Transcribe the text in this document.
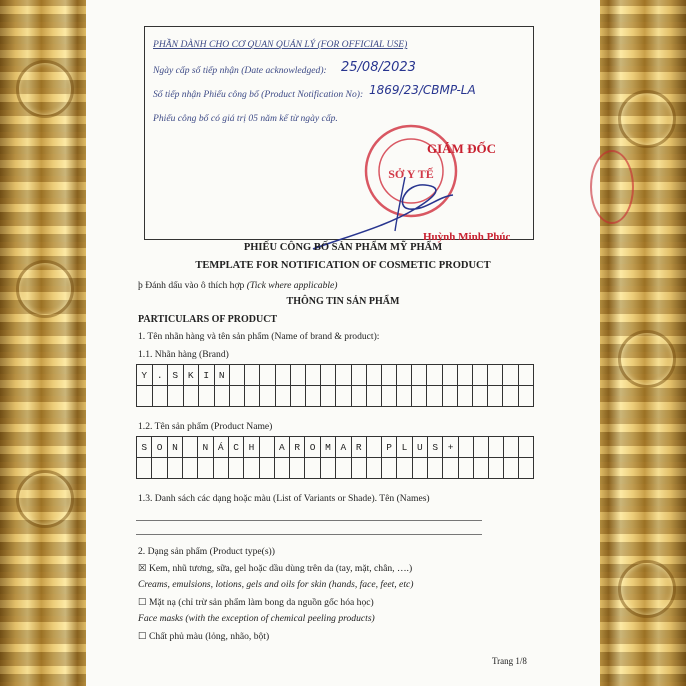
PHẦN DÀNH CHO CƠ QUAN QUẢN LÝ (FOR OFFICIAL USE)
Ngày cấp số tiếp nhận (Date acknowledged): 25/08/2023
Số tiếp nhận Phiếu công bố (Product Notification No): 1869/23/CBMP-LA
Phiếu công bố có giá trị 05 năm kể từ ngày cấp.
SỞ Y TẾ
GIÁM ĐỐC
Huỳnh Minh Phúc
PHIẾU CÔNG BỐ SẢN PHẨM MỸ PHẨM
TEMPLATE FOR NOTIFICATION OF COSMETIC PRODUCT
þ Đánh dấu vào ô thích hợp (Tick where applicable)
THÔNG TIN SẢN PHẨM
PARTICULARS OF PRODUCT
1. Tên nhãn hàng và tên sản phẩm (Name of brand & product):
1.1. Nhãn hàng (Brand)
Y	.	S	K	I	N																				

1.2. Tên sản phẩm (Product Name)
S	O	N		N	Á	C	H		A	R	O	M	A	R		P	L	U	S	+					

1.3. Danh sách các dạng hoặc màu (List of Variants or Shade). Tên (Names)
2. Dạng sản phẩm (Product type(s))
☒ Kem, nhũ tương, sữa, gel hoặc dầu dùng trên da (tay, mặt, chân, ….)
Creams, emulsions, lotions, gels and oils for skin (hands, face, feet, etc)
☐ Mặt nạ (chỉ trừ sản phẩm làm bong da nguồn gốc hóa học)
Face masks (with the exception of chemical peeling products)
☐ Chất phủ màu (lỏng, nhão, bột)
Trang 1/8
